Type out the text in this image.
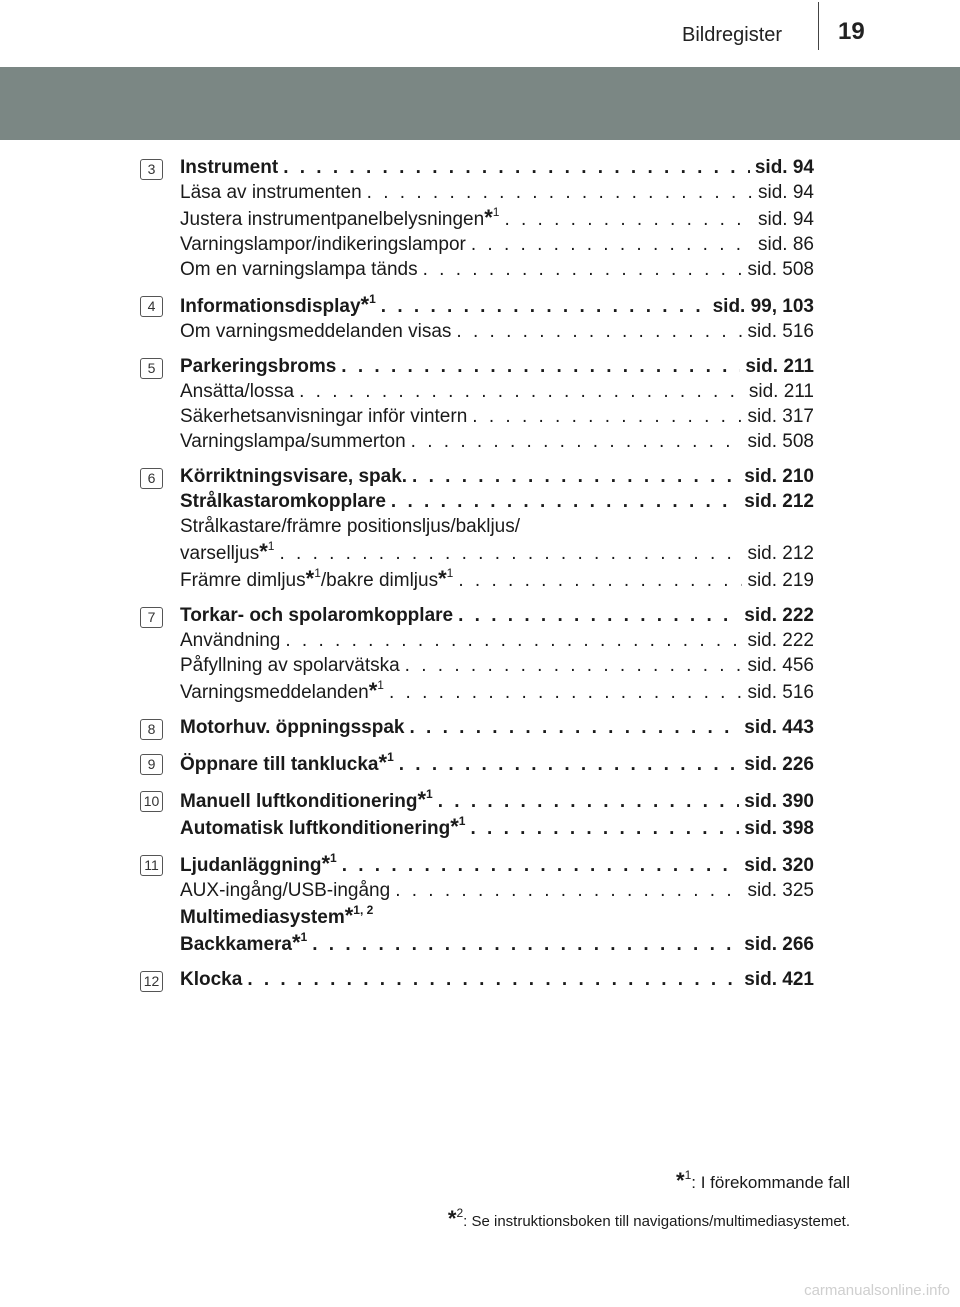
Bildregister 19
3	Instrument . . .	sid. 94
Läsa av instrumenten . . .	sid. 94
Justera instrumentpanelbelysningen*$^1$ . . .	sid. 94
Varningslampor/indikeringslampor . . .	sid. 86
Om en varningslampa tänds . . .	sid. 508
4	Informationsdisplay*$^1$ . . .	sid. 99, 103
Om varningsmeddelanden visas . . .	sid. 516
5	Parkeringsbroms . . .	sid. 211
Ansätta/lossa . . .	sid. 211
Säkerhetsanvisningar inför vintern . . .	sid. 317
Varningslampa/summerton . . .	sid. 508
6	Körriktningsvisare, spak. . . .	sid. 210
Strålkastaromkopplare . . .	sid. 212
Strålkastare/främre positionsljus/bakljus/
varselljus*$^1$ . . .	sid. 212
Främre dimljus*$^1$/bakre dimljus*$^1$ . . .	sid. 219
7	Torkar- och spolaromkopplare . . .	sid. 222
Användning . . .	sid. 222
Påfyllning av spolarvätska . . .	sid. 456
Varningsmeddelanden*$^1$ . . .	sid. 516
8	Motorhuv. öppningsspak . . .	sid. 443
9	Öppnare till tanklucka*$^1$ . . .	sid. 226
10 Manuell luftkonditionering*$^1$ . . .	sid. 390
Automatisk luftkonditionering*$^1$ . . .	sid. 398
11 Ljudanläggning*$^1$ . . .	sid. 320
AUX-ingång/USB-ingång . . .	sid. 325
Multimediasystem*$^{1, 2}$
Backkamera*$^1$ . . .	sid. 266
12 Klocka . . .	sid. 421
*$^1$: I förekommande fall
*$^2$: Se instruktionsboken till navigations/multimediasystemet.
carmanualsonline.info
